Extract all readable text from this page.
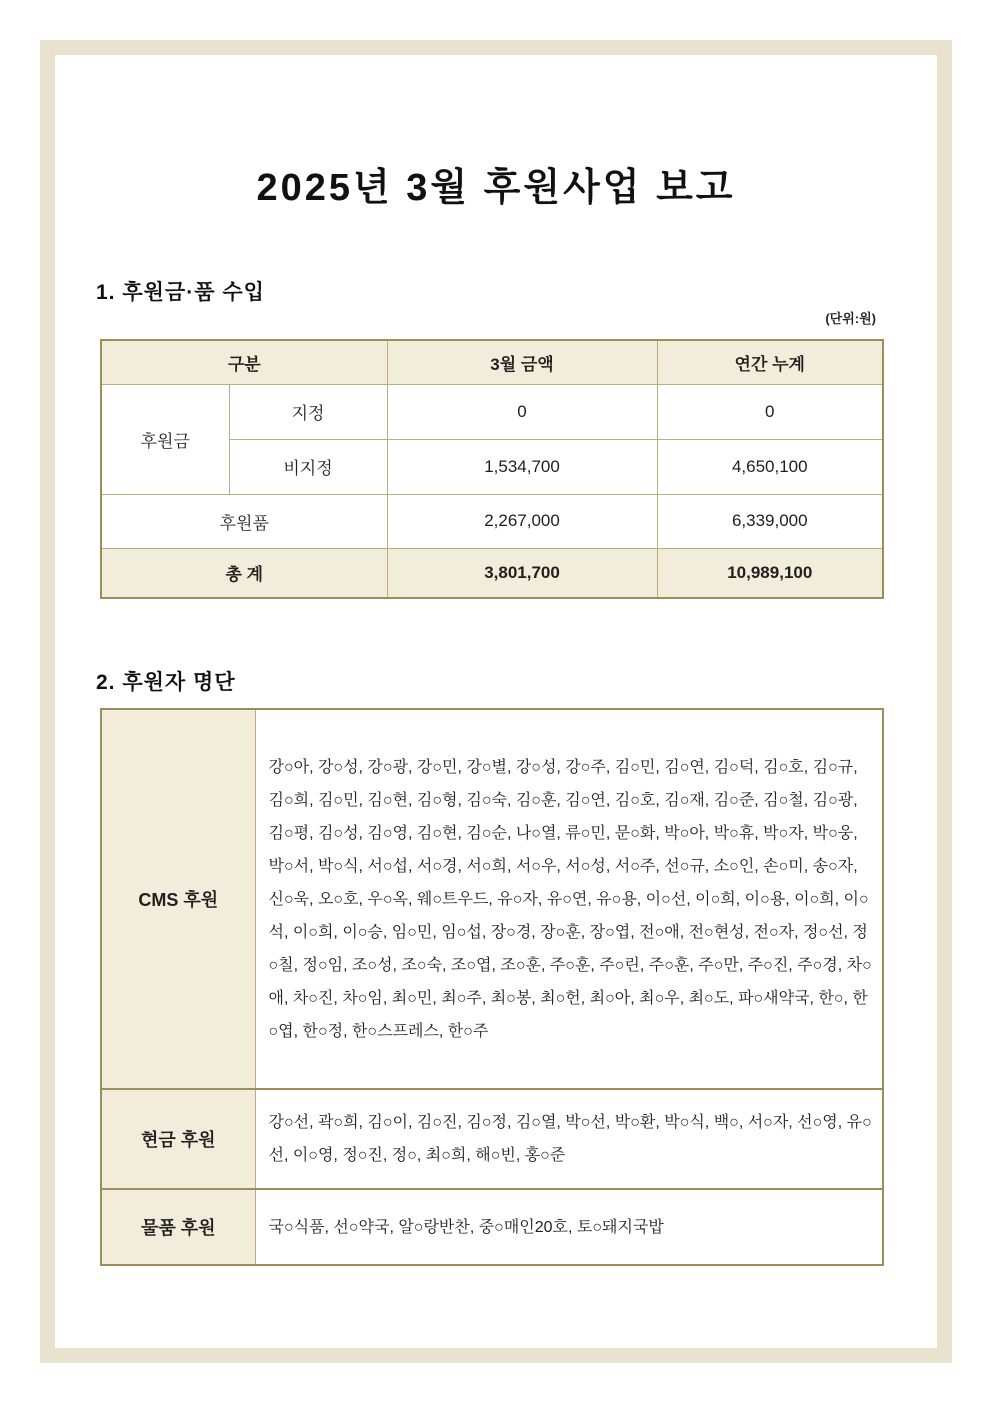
2025년 3월 후원사업 보고
1. 후원금·품 수입
(단위:원)
구분		3월 금액	연간 누계
후원금	지정	0	0
	비지정	1,534,700	4,650,100
후원품		2,267,000	6,339,000
총 계		3,801,700	10,989,100
2. 후원자 명단
CMS 후원	강○아, 강○성, 강○광, 강○민, 강○별, 강○성, 강○주, 김○민, 김○연, 김○덕, 김○호, 김○규, 김○희, 김○민, 김○현, 김○형, 김○숙, 김○훈, 김○연, 김○호, 김○재, 김○준, 김○철, 김○광, 김○평, 김○성, 김○영, 김○현, 김○순, 나○열, 류○민, 문○화, 박○아, 박○휴, 박○자, 박○웅, 박○서, 박○식, 서○섭, 서○경, 서○희, 서○우, 서○성, 서○주, 선○규, 소○인, 손○미, 송○자, 신○욱, 오○호, 우○옥, 웨○트우드, 유○자, 유○연, 유○용, 이○선, 이○희, 이○용, 이○희, 이○석, 이○희, 이○승, 임○민, 임○섭, 장○경, 장○훈, 장○엽, 전○애, 전○현성, 전○자, 정○선, 정○칠, 정○임, 조○성, 조○숙, 조○엽, 조○훈, 주○훈, 주○린, 주○훈, 주○만, 주○진, 주○경, 차○애, 차○진, 차○임, 최○민, 최○주, 최○봉, 최○헌, 최○아, 최○우, 최○도, 파○새약국, 한○, 한○엽, 한○정, 한○스프레스, 한○주
현금 후원	강○선, 곽○희, 김○이, 김○진, 김○정, 김○열, 박○선, 박○환, 박○식, 백○, 서○자, 선○영, 유○선, 이○영, 정○진, 정○, 최○희, 해○빈, 홍○준
물품 후원	국○식품, 선○약국, 알○랑반찬, 중○매인20호, 토○돼지국밥
